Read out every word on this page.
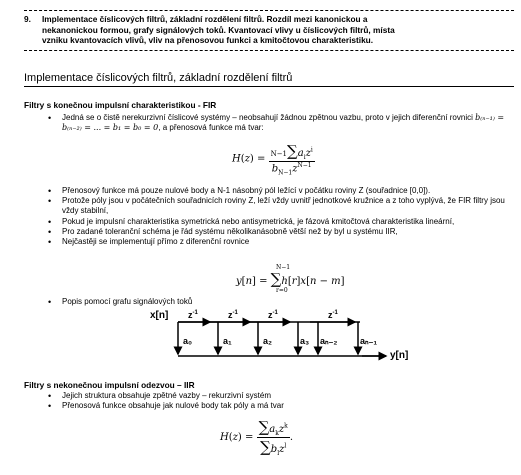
9. Implementace číslicových filtrů, základní rozdělení filtrů. Rozdíl mezi kanonickou a
nekanonickou formou, grafy signálových toků. Kvantovací vlivy u číslicových filtrů, místa
vzniku kvantovacích vlivů, vliv na přenosovou funkci a kmitočtovou charakteristiku.
Implementace číslicových filtrů, základní rozdělení filtrů
Filtry s konečnou impulsní charakteristikou - FIR
• Jedná se o čistě nerekurzivní číslicové systémy – neobsahují žádnou zpětnou vazbu, proto v jejich diferenční rovnici b₍ₙ₋₁₎ = b₍ₙ₋₂₎ = ... = b₁ = b₀ = 0, a přenosová funkce má tvar:
$H(z) = \frac{N-1\sum a_iz^i}{b_{N-1}z^{N-1}}$
• Přenosový funkce má pouze nulové body a N-1 násobný pól ležící v počátku roviny Z (souřadnice [0,0]).
• Protože póly jsou v počátečních souřadnicích roviny Z, leží vždy uvnitř jednotkové kružnice a z toho vyplývá, že FIR filtry jsou vždy stabilní,
• Pokud je impulsní charakteristika symetrická nebo antisymetrická, je fázová kmitočtová charakteristika lineární,
• Pro zadané toleranční schéma je řád systému několikanásobně větší než by byl u systému IIR,
• Nejčastěji se implementují přímo z diferenční rovnice
y[n] = ∑h[r]x[n − m]
N−1
r=0
• Popis pomocí grafu signálových toků
x[n]
y[n]
$z^{-1}$	$z^{-1}$	$z^{-1}$	$z^{-1}$
a₀	a₁	a₂	a₃ aₙ₋₂	aₙ₋₁
Filtry s nekonečnou impulsní odezvou – IIR
• Jejich struktura obsahuje zpětné vazby – rekurzivní systém
• Přenosová funkce obsahuje jak nulové body tak póly a má tvar
$H(z) = \frac{\sum a_kz^k}{\sum b_lz^l}$ .
